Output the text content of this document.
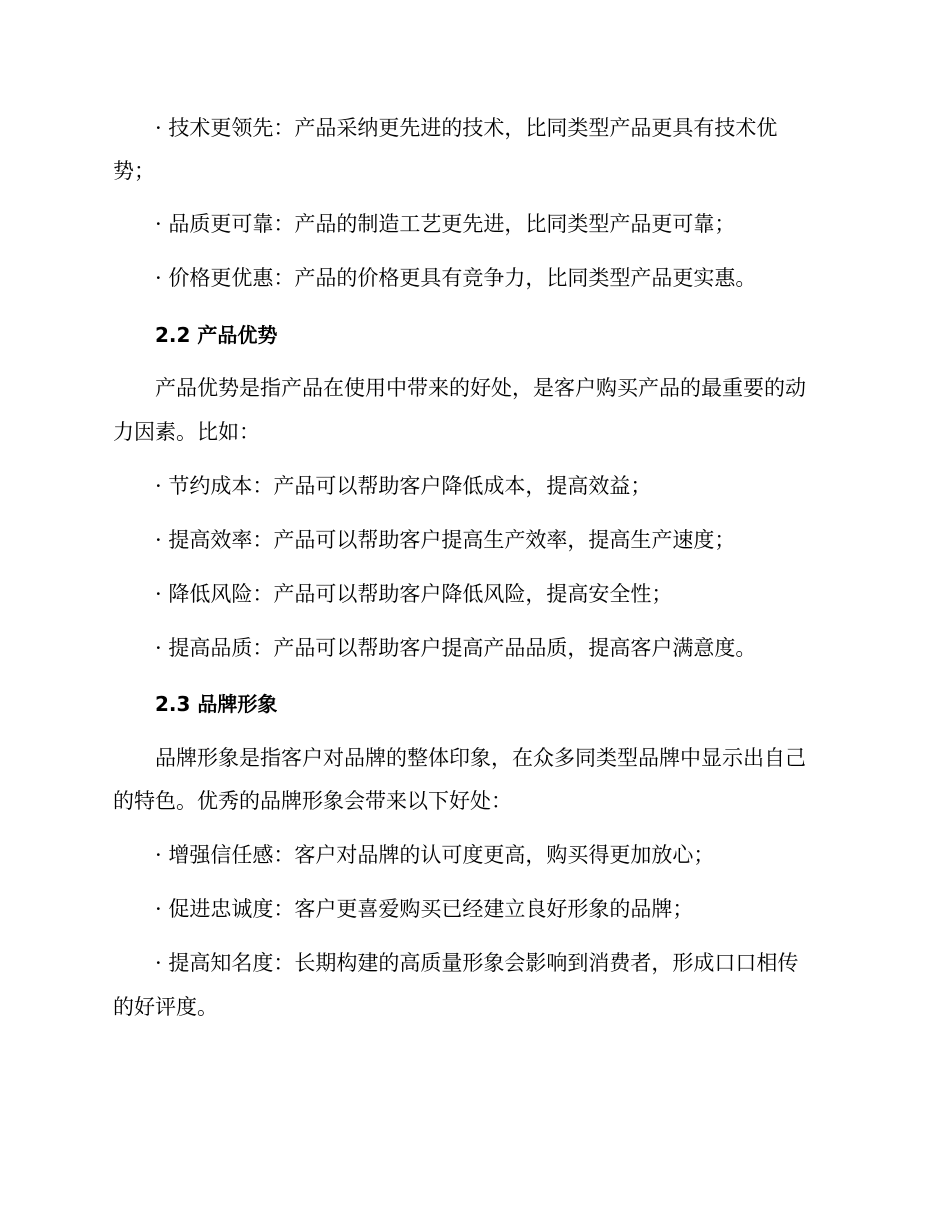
· 技术更领先：产品采纳更先进的技术，比同类型产品更具有技术优
势；
· 品质更可靠：产品的制造工艺更先进，比同类型产品更可靠；
· 价格更优惠：产品的价格更具有竞争力，比同类型产品更实惠。
2.2 产品优势
产品优势是指产品在使用中带来的好处，是客户购买产品的最重要的动
力因素。比如：
· 节约成本：产品可以帮助客户降低成本，提高效益；
· 提高效率：产品可以帮助客户提高生产效率，提高生产速度；
· 降低风险：产品可以帮助客户降低风险，提高安全性；
· 提高品质：产品可以帮助客户提高产品品质，提高客户满意度。
2.3 品牌形象
品牌形象是指客户对品牌的整体印象，在众多同类型品牌中显示出自己
的特色。优秀的品牌形象会带来以下好处：
· 增强信任感：客户对品牌的认可度更高，购买得更加放心；
· 促进忠诚度：客户更喜爱购买已经建立良好形象的品牌；
· 提高知名度：长期构建的高质量形象会影响到消费者，形成口口相传
的好评度。
